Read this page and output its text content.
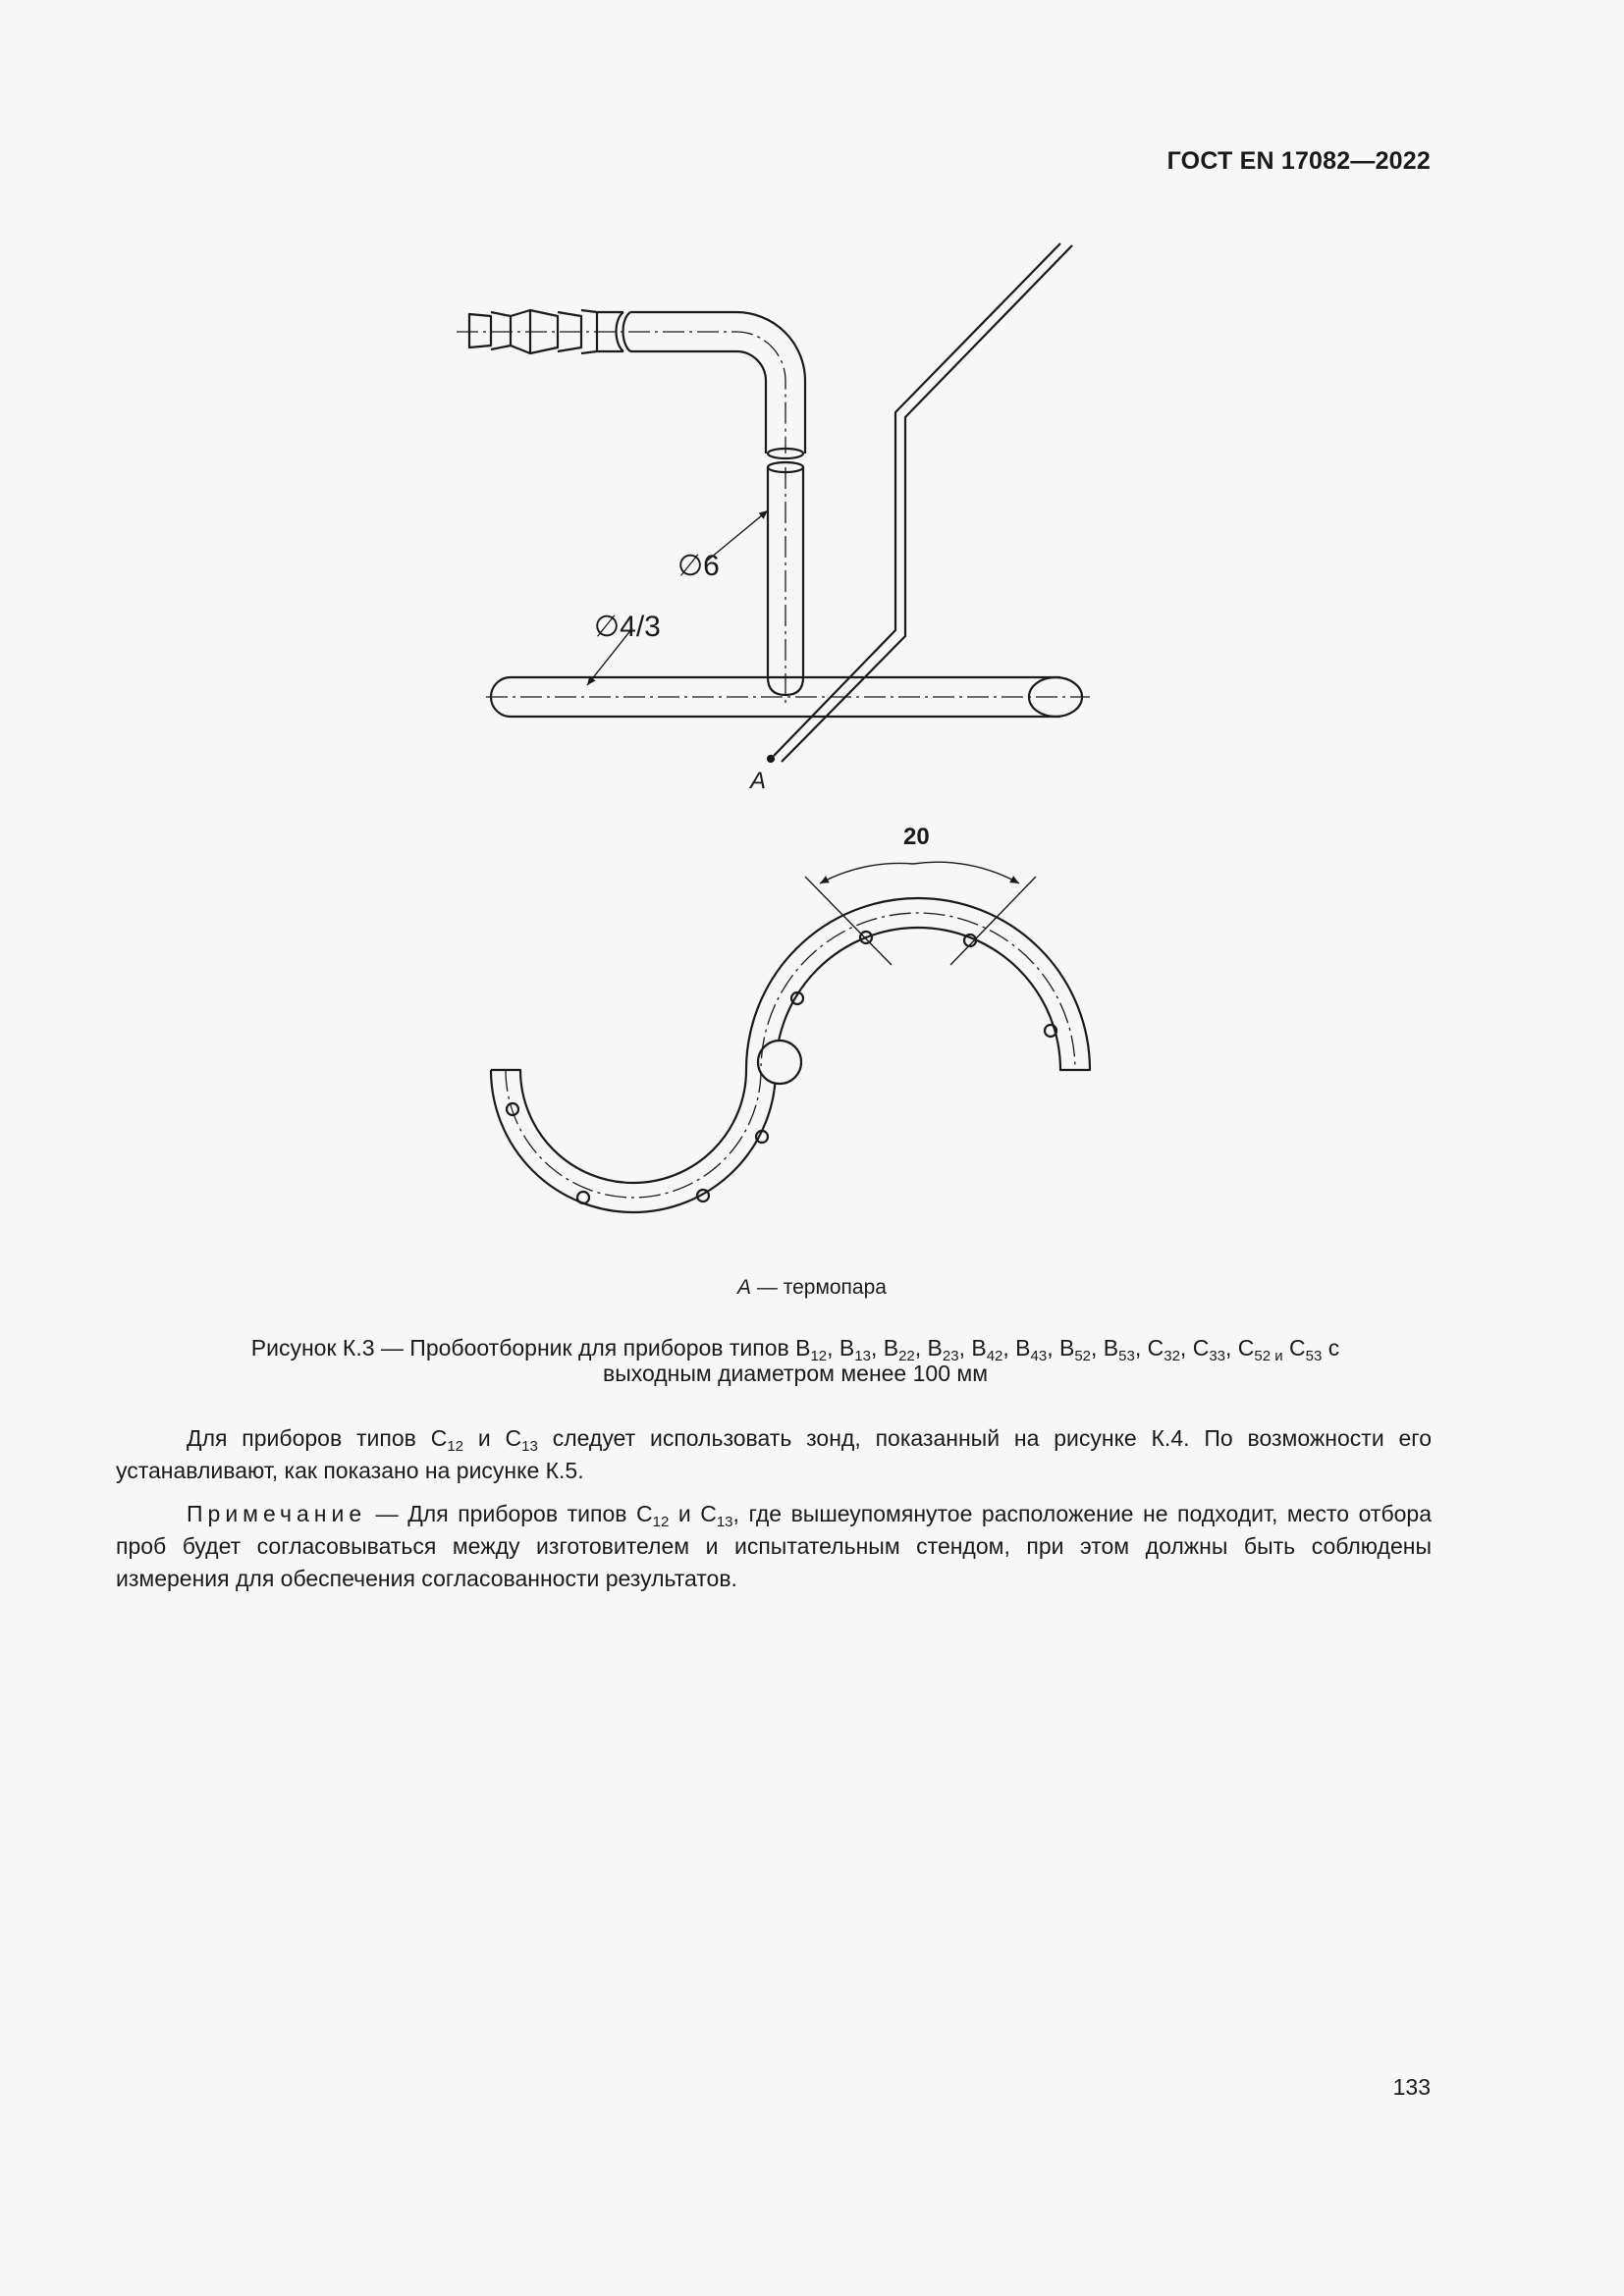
ГОСТ EN 17082—2022
∅6
∅4/3
A
20
A — термопара
Рисунок К.3 — Пробоотборник для приборов типов $B_{12}$, $B_{13}$, $B_{22}$, $B_{23}$, $B_{42}$, $B_{43}$, $B_{52}$, $B_{53}$, $C_{32}$, $C_{33}$, $C_{52 и}$ $C_{53}$ с
выходным диаметром менее 100 мм
Для приборов типов $C_{12}$ и $C_{13}$ следует использовать зонд, показанный на рисунке К.4. По возможности его устанавливают, как показано на рисунке К.5.
Примечание — Для приборов типов $C_{12}$ и $C_{13}$, где вышеупомянутое расположение не подходит, место отбора проб будет согласовываться между изготовителем и испытательным стендом, при этом должны быть соблюдены измерения для обеспечения согласованности результатов.
133
